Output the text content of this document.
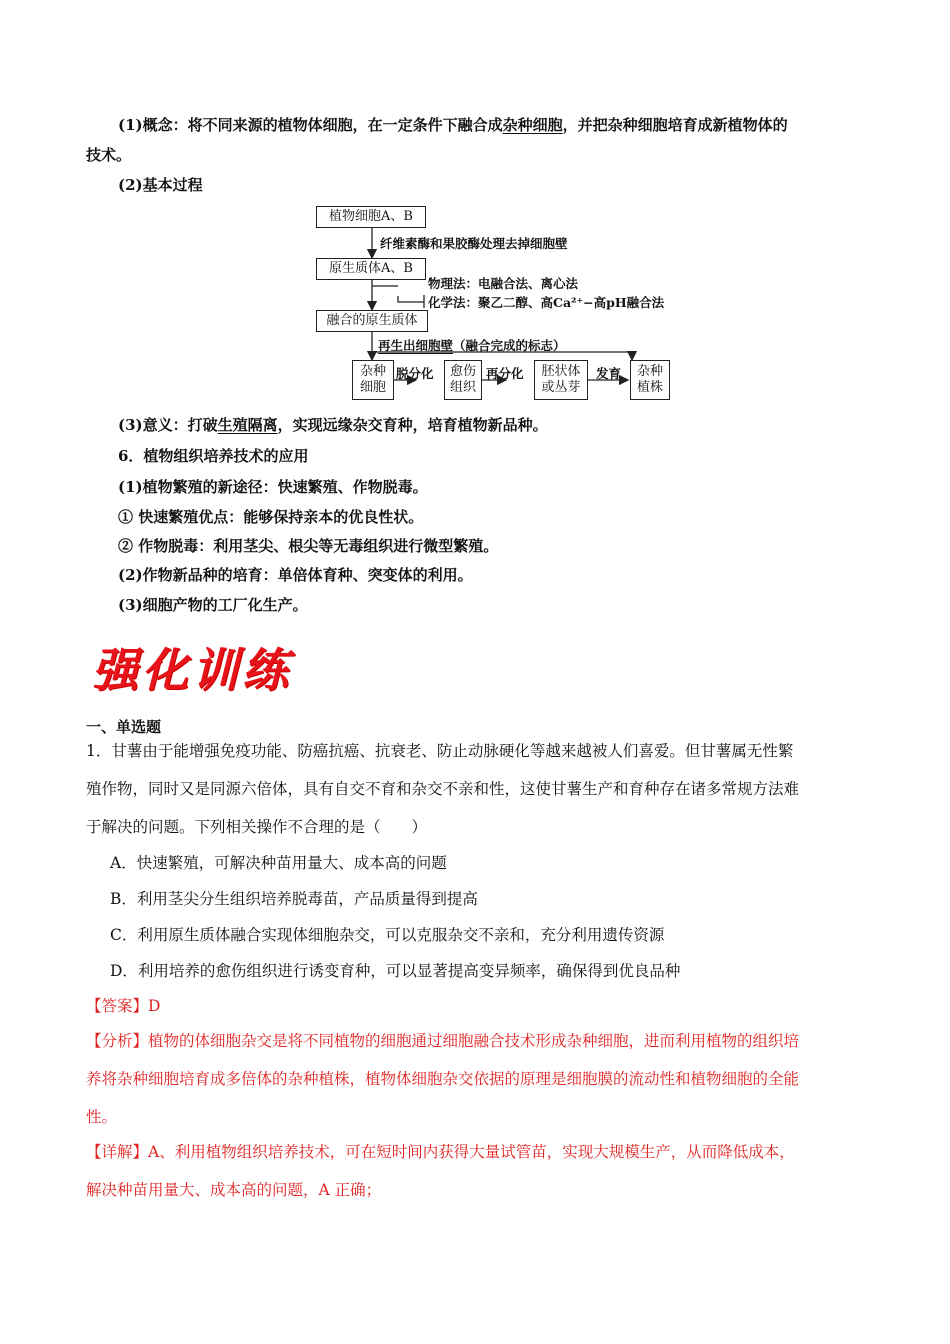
(1)概念：将不同来源的植物体细胞，在一定条件下融合成杂种细胞，并把杂种细胞培育成新植物体的
技术。
(2)基本过程
植物细胞A、B
纤维素酶和果胶酶处理去掉细胞壁
原生质体A、B
物理法：电融合法、离心法
化学法：聚乙二醇、高Ca²⁺−高pH融合法
融合的原生质体
再生出细胞壁（融合完成的标志）
杂种
细胞
脱分化	愈伤
组织
再分化	胚状体
或丛芽
发育	杂种
植株
(3)意义：打破生殖隔离，实现远缘杂交育种，培育植物新品种。
6．植物组织培养技术的应用
(1)植物繁殖的新途径：快速繁殖、作物脱毒。
① 快速繁殖优点：能够保持亲本的优良性状。
② 作物脱毒：利用茎尖、根尖等无毒组织进行微型繁殖。
(2)作物新品种的培育：单倍体育种、突变体的利用。
(3)细胞产物的工厂化生产。
强化训练
一、单选题
1．甘薯由于能增强免疫功能、防癌抗癌、抗衰老、防止动脉硬化等越来越被人们喜爱。但甘薯属无性繁
殖作物，同时又是同源六倍体，具有自交不育和杂交不亲和性，这使甘薯生产和育种存在诸多常规方法难
于解决的问题。下列相关操作不合理的是（　　）
A．快速繁殖，可解决种苗用量大、成本高的问题
B．利用茎尖分生组织培养脱毒苗，产品质量得到提高
C．利用原生质体融合实现体细胞杂交，可以克服杂交不亲和，充分利用遗传资源
D．利用培养的愈伤组织进行诱变育种，可以显著提高变异频率，确保得到优良品种
【答案】D
【分析】植物的体细胞杂交是将不同植物的细胞通过细胞融合技术形成杂种细胞，进而利用植物的组织培
养将杂种细胞培育成多倍体的杂种植株，植物体细胞杂交依据的原理是细胞膜的流动性和植物细胞的全能
性。
【详解】A、利用植物组织培养技术，可在短时间内获得大量试管苗，实现大规模生产，从而降低成本，
解决种苗用量大、成本高的问题，A 正确；
